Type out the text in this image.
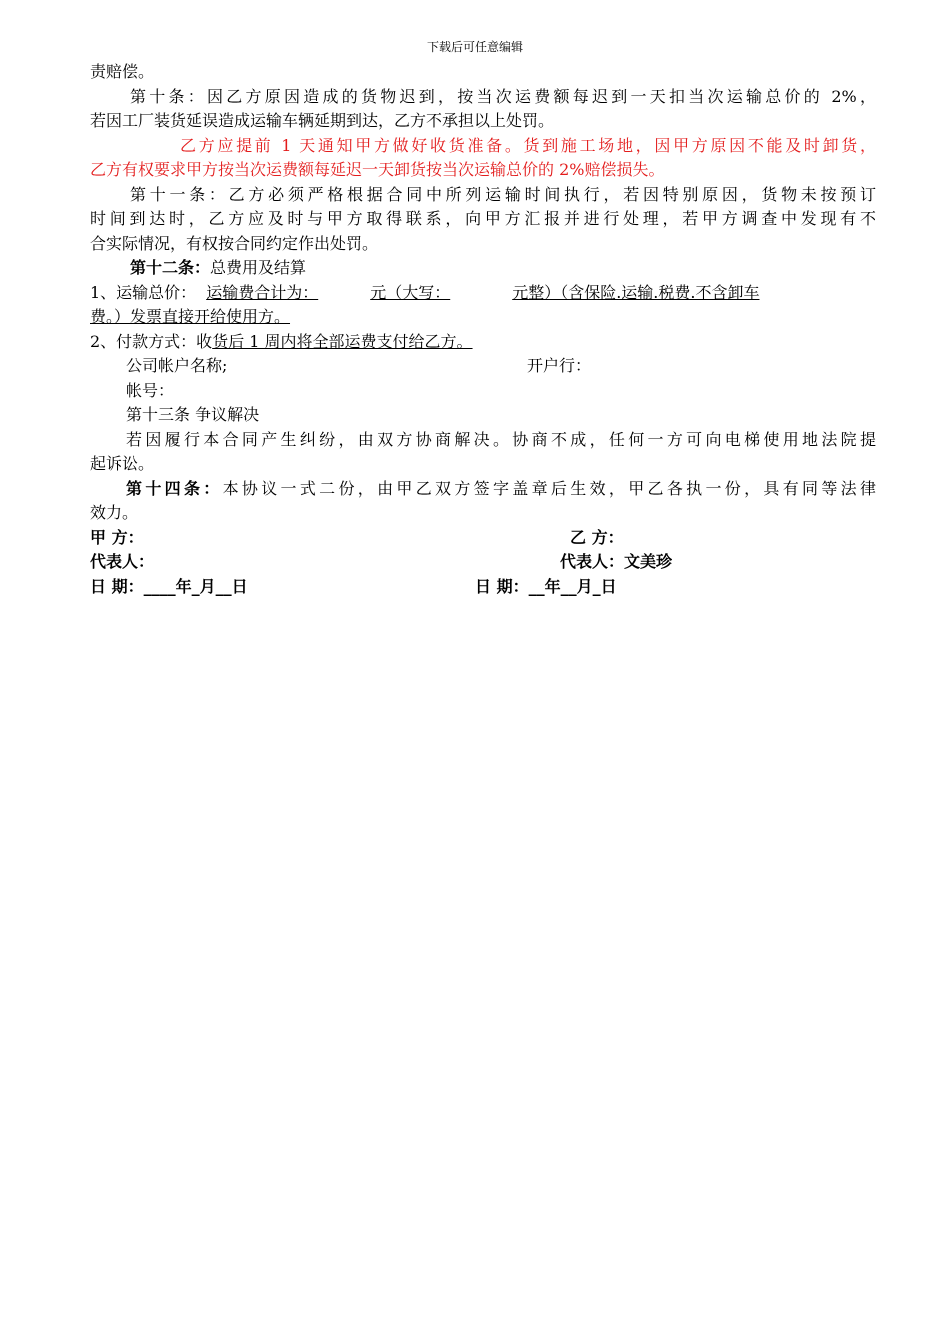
下载后可任意编辑
责赔偿。
第十条：因乙方原因造成的货物迟到，按当次运费额每迟到一天扣当次运输总价的 2%，
若因工厂装货延误造成运输车辆延期到达，乙方不承担以上处罚。
乙方应提前 1 天通知甲方做好收货准备。货到施工场地，因甲方原因不能及时卸货，
乙方有权要求甲方按当次运费额每延迟一天卸货按当次运输总价的 2%赔偿损失。
第十一条：乙方必须严格根据合同中所列运输时间执行，若因特别原因，货物未按预订
时间到达时，乙方应及时与甲方取得联系，向甲方汇报并进行处理，若甲方调查中发现有不
合实际情况，有权按合同约定作出处罚。
第十二条：总费用及结算
1、运输总价： 运输费合计为：	元（大写：	元整）（含保险.运输.税费.不含卸车
费。）发票直接开给使用方。
2、付款方式：收货后 1 周内将全部运费支付给乙方。
公司帐户名称;	开户行：
帐号：
第十三条 争议解决
若因履行本合同产生纠纷，由双方协商解决。协商不成，任何一方可向电梯使用地法院提
起诉讼。
第十四条：本协议一式二份，由甲乙双方签字盖章后生效，甲乙各执一份，具有同等法律
效力。
甲 方：	乙 方：
代表人：	代表人：文美珍
日 期：____年_月__日	日 期：__年__月_日
